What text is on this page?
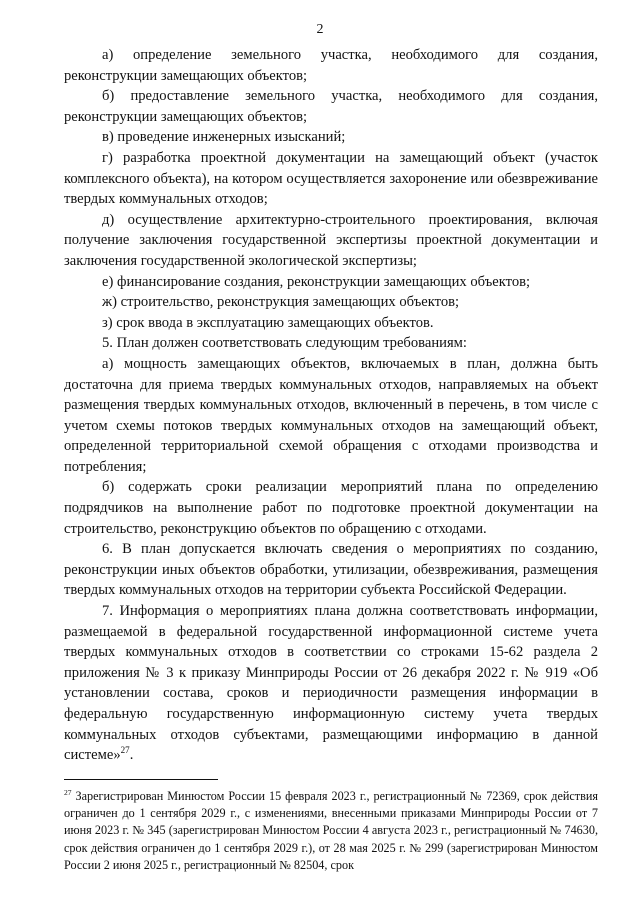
2

а) определение земельного участка, необходимого для создания, реконструкции замещающих объектов;

б) предоставление земельного участка, необходимого для создания, реконструкции замещающих объектов;

в) проведение инженерных изысканий;

г) разработка проектной документации на замещающий объект (участок комплексного объекта), на котором осуществляется захоронение или обезвреживание твердых коммунальных отходов;

д) осуществление архитектурно-строительного проектирования, включая получение заключения государственной экспертизы проектной документации и заключения государственной экологической экспертизы;

е) финансирование создания, реконструкции замещающих объектов;

ж) строительство, реконструкция замещающих объектов;

з) срок ввода в эксплуатацию замещающих объектов.

5. План должен соответствовать следующим требованиям:

а) мощность замещающих объектов, включаемых в план, должна быть достаточна для приема твердых коммунальных отходов, направляемых на объект размещения твердых коммунальных отходов, включенный в перечень, в том числе с учетом схемы потоков твердых коммунальных отходов на замещающий объект, определенной территориальной схемой обращения с отходами производства и потребления;

б) содержать сроки реализации мероприятий плана по определению подрядчиков на выполнение работ по подготовке проектной документации на строительство, реконструкцию объектов по обращению с отходами.

6. В план допускается включать сведения о мероприятиях по созданию, реконструкции иных объектов обработки, утилизации, обезвреживания, размещения твердых коммунальных отходов на территории субъекта Российской Федерации.

7. Информация о мероприятиях плана должна соответствовать информации, размещаемой в федеральной государственной информационной системе учета твердых коммунальных отходов в соответствии со строками 15-62 раздела 2 приложения № 3 к приказу Минприроды России от 26 декабря 2022 г. № 919 «Об установлении состава, сроков и периодичности размещения информации в федеральную государственную информационную систему учета твердых коммунальных отходов субъектами, размещающими информацию в данной системе»$^{27}$.

$^{27}$ Зарегистрирован Минюстом России 15 февраля 2023 г., регистрационный № 72369, срок действия ограничен до 1 сентября 2029 г., с изменениями, внесенными приказами Минприроды России от 7 июня 2023 г. № 345 (зарегистрирован Минюстом России 4 августа 2023 г., регистрационный № 74630, срок действия ограничен до 1 сентября 2029 г.), от 28 мая 2025 г. № 299 (зарегистрирован Минюстом России 2 июня 2025 г., регистрационный № 82504, срок
